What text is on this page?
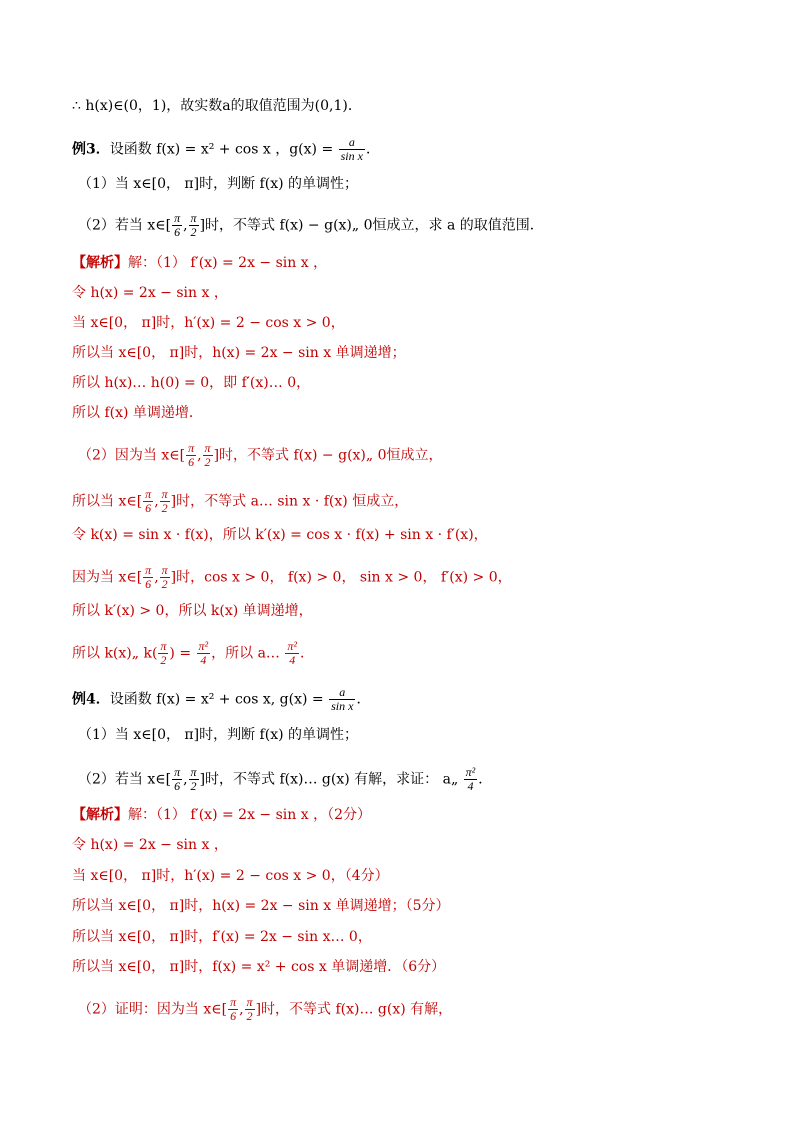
∴ h(x)∈(0，1)，故实数a的取值范围为(0,1)．
例3．设函数 f(x) = x² + cos x ，$g(x) = \frac{a}{\text{sin x}}$ ．
（1）当 x∈[0， π]时，判断 f(x) 的单调性；
（2）若当 x∈[ $\frac{\pi}{6}$ , $\frac{\pi}{2}$ ]时，不等式 f(x) − g(x)„ 0恒成立，求 a 的取值范围．
【解析】解：（1） f′(x) = 2x − sin x ，
令 h(x) = 2x − sin x ，
当 x∈[0， π]时，h′(x) = 2 − cos x > 0，
所以当 x∈[0， π]时，h(x) = 2x − sin x 单调递增；
所以 h(x)… h(0) = 0，即 f′(x)… 0，
所以 f(x) 单调递增．
（2）因为当 x∈[ $\frac{\pi}{6}$ , $\frac{\pi}{2}$ ]时，不等式 f(x) − g(x)„ 0恒成立，
所以当 x∈[ $\frac{\pi}{6}$ , $\frac{\pi}{2}$ ]时，不等式 a… sin x · f(x) 恒成立，
令 k(x) = sin x · f(x)，所以 k′(x) = cos x · f(x) + sin x · f′(x)，
因为当 x∈[ $\frac{\pi}{6}$ , $\frac{\pi}{2}$ ]时，cos x > 0， f(x) > 0， sin x > 0， f′(x) > 0，
所以 k′(x) > 0，所以 k(x) 单调递增，
所以 k(x)„ $k( \frac{\pi}{2}$ ) = $\frac{\text{π²}}{4}$ ，所以 a… $\frac{\text{π²}}{4}$ ．
例4．设函数 f(x) = x² + cos x, $g(x) = \frac{a}{\text{sin x}}$ ．
（1）当 x∈[0， π]时，判断 f(x) 的单调性；
（2）若当 x∈[ $\frac{\pi}{6}$ , $\frac{\pi}{2}$ ]时，不等式 f(x)… g(x) 有解，求证： a„ $\frac{\text{π²}}{4}$ ．
【解析】解：（1） f′(x) = 2x − sin x ，（2分）
令 h(x) = 2x − sin x ，
当 x∈[0， π]时，h′(x) = 2 − cos x > 0，（4分）
所以当 x∈[0， π]时，h(x) = 2x − sin x 单调递增；（5分）
所以当 x∈[0， π]时，f′(x) = 2x − sin x… 0，
所以当 x∈[0， π]时，f(x) = x² + cos x 单调递增．（6分）
（2）证明：因为当 x∈[ $\frac{\pi}{6}$ , $\frac{\pi}{2}$ ]时，不等式 f(x)… g(x) 有解，
